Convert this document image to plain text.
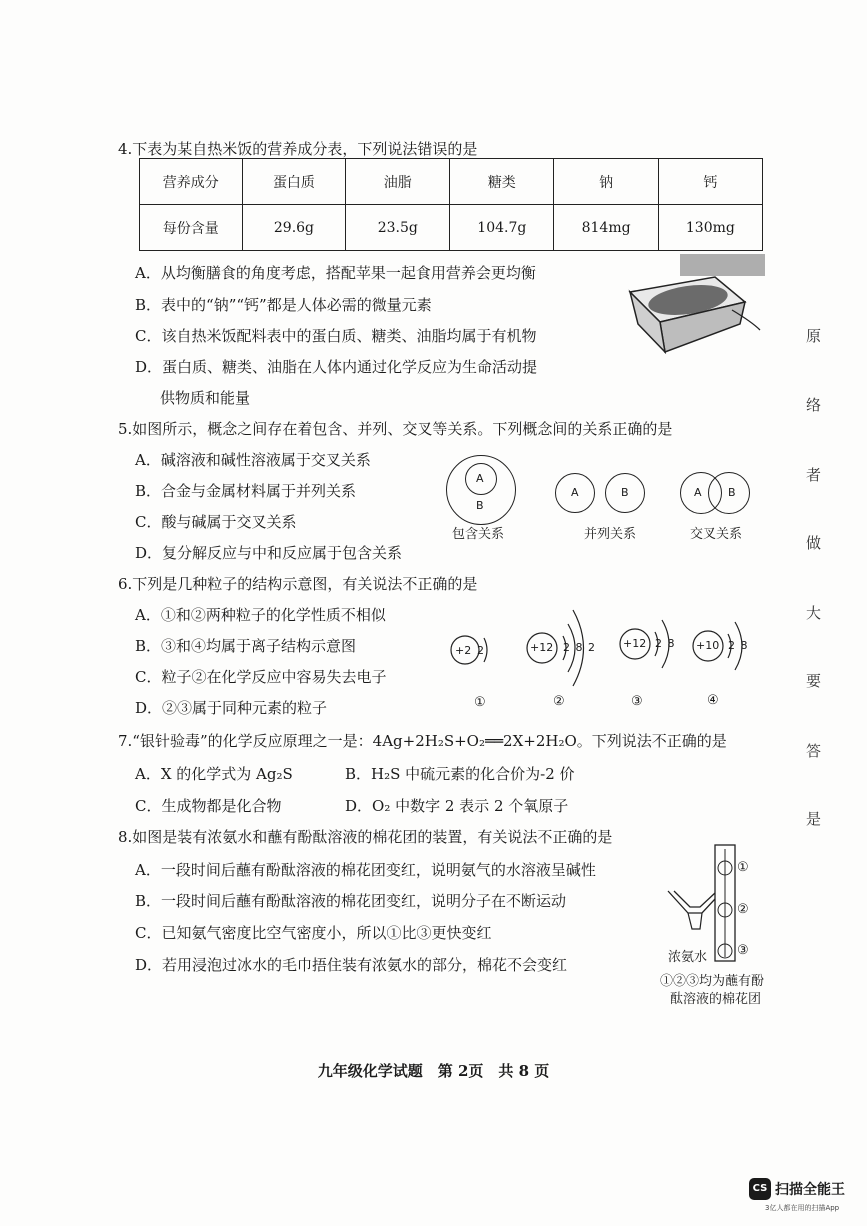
4.下表为某自热米饭的营养成分表，下列说法错误的是
营养成分	蛋白质	油脂	糖类	钠	钙
每份含量	29.6g	23.5g	104.7g	814mg	130mg
A．从均衡膳食的角度考虑，搭配苹果一起食用营养会更均衡
B．表中的“钠”“钙”都是人体必需的微量元素
C．该自热米饭配料表中的蛋白质、糖类、油脂均属于有机物
D．蛋白质、糖类、油脂在人体内通过化学反应为生命活动提
供物质和能量
5.如图所示，概念之间存在着包含、并列、交叉等关系。下列概念间的关系正确的是
A．碱溶液和碱性溶液属于交叉关系
B．合金与金属材料属于并列关系
C．酸与碱属于交叉关系
D．复分解反应与中和反应属于包含关系
A
B
包含关系
A	B
并列关系
A B
交叉关系
6.下列是几种粒子的结构示意图，有关说法不正确的是
A．①和②两种粒子的化学性质不相似
B．③和④均属于离子结构示意图
C．粒子②在化学反应中容易失去电子
D．②③属于同种元素的粒子
+2 2	+12 2 8 2	+12 2 8 +10 2 8
①	②	③	④
7.“银针验毒”的化学反应原理之一是：4Ag+2H₂S+O₂══2X+2H₂O。下列说法不正确的是
A．X 的化学式为 Ag₂S	B．H₂S 中硫元素的化合价为-2 价
C．生成物都是化合物	D．O₂ 中数字 2 表示 2 个氧原子
8.如图是装有浓氨水和蘸有酚酞溶液的棉花团的装置，有关说法不正确的是
A．一段时间后蘸有酚酞溶液的棉花团变红，说明氨气的水溶液呈碱性
B．一段时间后蘸有酚酞溶液的棉花团变红，说明分子在不断运动
C．已知氨气密度比空气密度小，所以①比③更快变红
D．若用浸泡过冰水的毛巾捂住装有浓氨水的部分，棉花不会变红
①
②
③
浓氨水
①②③均为蘸有酚
酞溶液的棉花团
原
络
者
做
大
要
答
是
九年级化学试题　第 2页　共 8 页
CS 扫描全能王
3亿人都在用的扫描App
